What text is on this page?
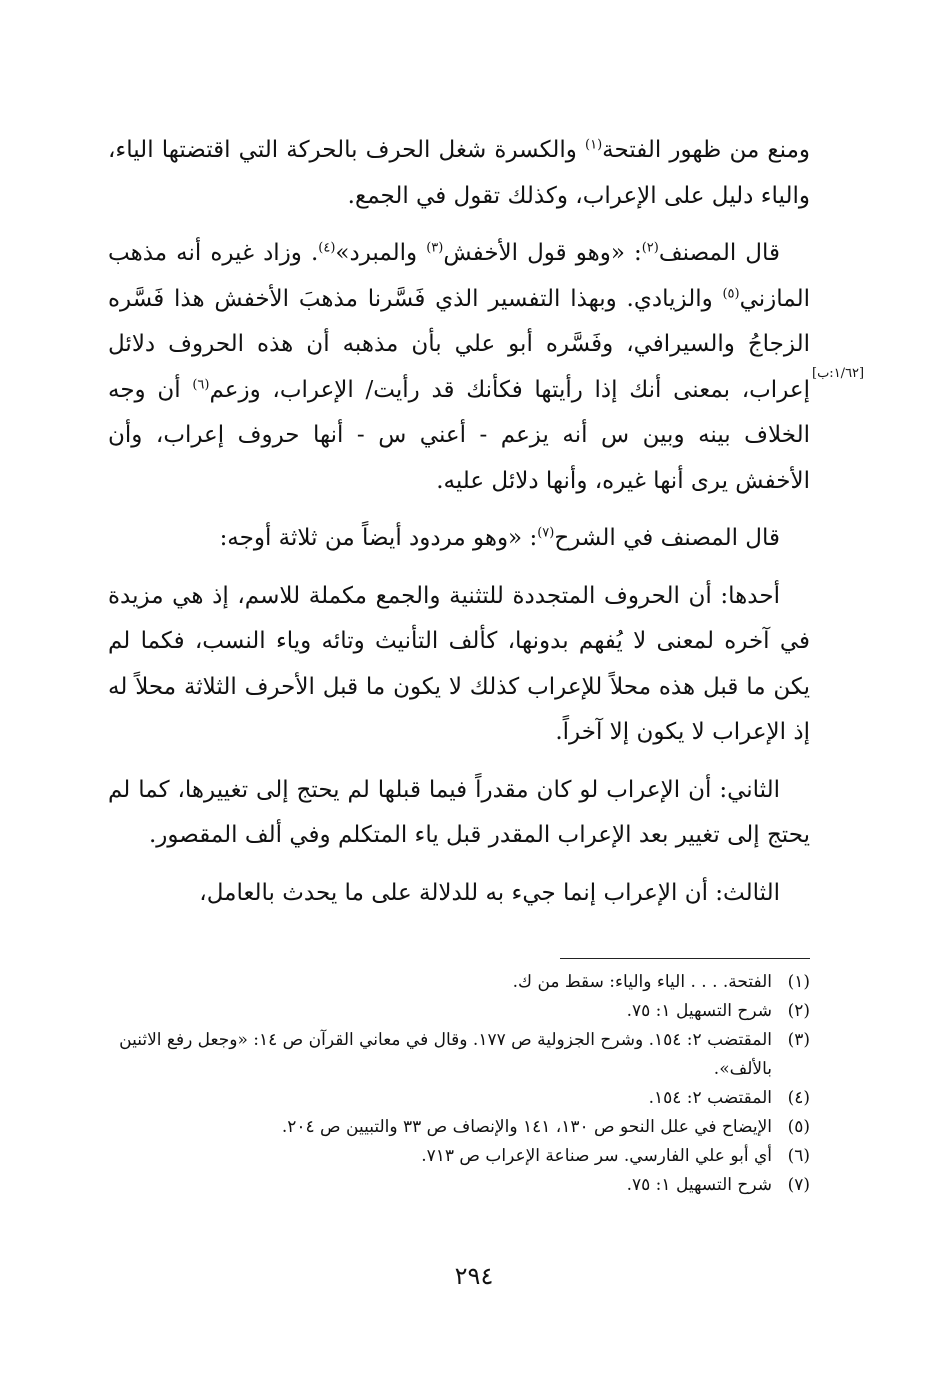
[١/٦٢:ب]

ومنع من ظهور الفتحة$^{(١)}$ والكسرة شغل الحرف بالحركة التي اقتضتها الياء، والياء دليل على الإعراب، وكذلك تقول في الجمع.

قال المصنف$^{(٢)}$: «وهو قول الأخفش$^{(٣)}$ والمبرد»$^{(٤)}$. وزاد غيره أنه مذهب المازني$^{(٥)}$ والزيادي. وبهذا التفسير الذي فَسَّرنا مذهبَ الأخفش هذا فَسَّره الزجاجُ والسيرافي، وفَسَّره أبو علي بأن مذهبه أن هذه الحروف دلائل إعراب، بمعنى أنك إذا رأيتها فكأنك قد رأيت/ الإعراب، وزعم$^{(٦)}$ أن وجه الخلاف بينه وبين س أنه يزعم - أعني س - أنها حروف إعراب، وأن الأخفش يرى أنها غيره، وأنها دلائل عليه.

قال المصنف في الشرح$^{(٧)}$: «وهو مردود أيضاً من ثلاثة أوجه:

أحدها: أن الحروف المتجددة للتثنية والجمع مكملة للاسم، إذ هي مزيدة في آخره لمعنى لا يُفهم بدونها، كألف التأنيث وتائه وياء النسب، فكما لم يكن ما قبل هذه محلاً للإعراب كذلك لا يكون ما قبل الأحرف الثلاثة محلاً له إذ الإعراب لا يكون إلا آخراً.

الثاني: أن الإعراب لو كان مقدراً فيما قبلها لم يحتج إلى تغييرها، كما لم يحتج إلى تغيير بعد الإعراب المقدر قبل ياء المتكلم وفي ألف المقصور.

الثالث: أن الإعراب إنما جيء به للدلالة على ما يحدث بالعامل،

(١)
الفتحة. . . . الياء والياء: سقط من ك.
(٢)
شرح التسهيل ١: ٧٥.
(٣)
المقتضب ٢: ١٥٤. وشرح الجزولية ص ١٧٧. وقال في معاني القرآن ص ١٤: «وجعل رفع الاثنين بالألف».
(٤)
المقتضب ٢: ١٥٤.
(٥)
الإيضاح في علل النحو ص ١٣٠، ١٤١ والإنصاف ص ٣٣ والتبيين ص ٢٠٤.
(٦)
أي أبو علي الفارسي. سر صناعة الإعراب ص ٧١٣.
(٧)
شرح التسهيل ١: ٧٥.
٢٩٤
